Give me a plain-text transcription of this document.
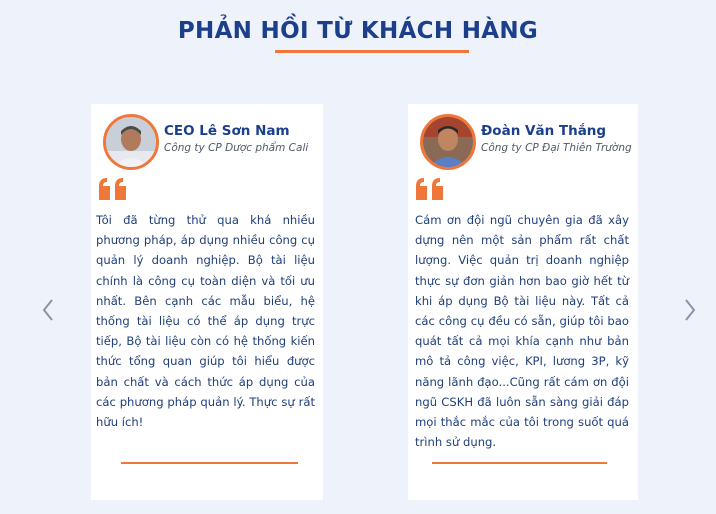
PHẢN HỒI TỪ KHÁCH HÀNG
CEO Lê Sơn Nam
Công ty CP Dược phẩm Cali

Tôi đã từng thử qua khá nhiều phương pháp, áp dụng nhiều công cụ quản lý doanh nghiệp. Bộ tài liệu chính là công cụ toàn diện và tối ưu nhất. Bên cạnh các mẫu biểu, hệ thống tài liệu có thể áp dụng trực tiếp, Bộ tài liệu còn có hệ thống kiến thức tổng quan giúp tôi hiểu được bản chất và cách thức áp dụng của các phương pháp quản lý. Thực sự rất hữu ích!

Đoàn Văn Thắng
Công ty CP Đại Thiên Trường

Cám ơn đội ngũ chuyên gia đã xây dựng nên một sản phẩm rất chất lượng. Việc quản trị doanh nghiệp thực sự đơn giản hơn bao giờ hết từ khi áp dụng Bộ tài liệu này. Tất cả các công cụ đều có sẵn, giúp tôi bao quát tất cả mọi khía cạnh như bản mô tả công việc, KPI, lương 3P, kỹ năng lãnh đạo...Cũng rất cám ơn đội ngũ CSKH đã luôn sẵn sàng giải đáp mọi thắc mắc của tôi trong suốt quá trình sử dụng.
